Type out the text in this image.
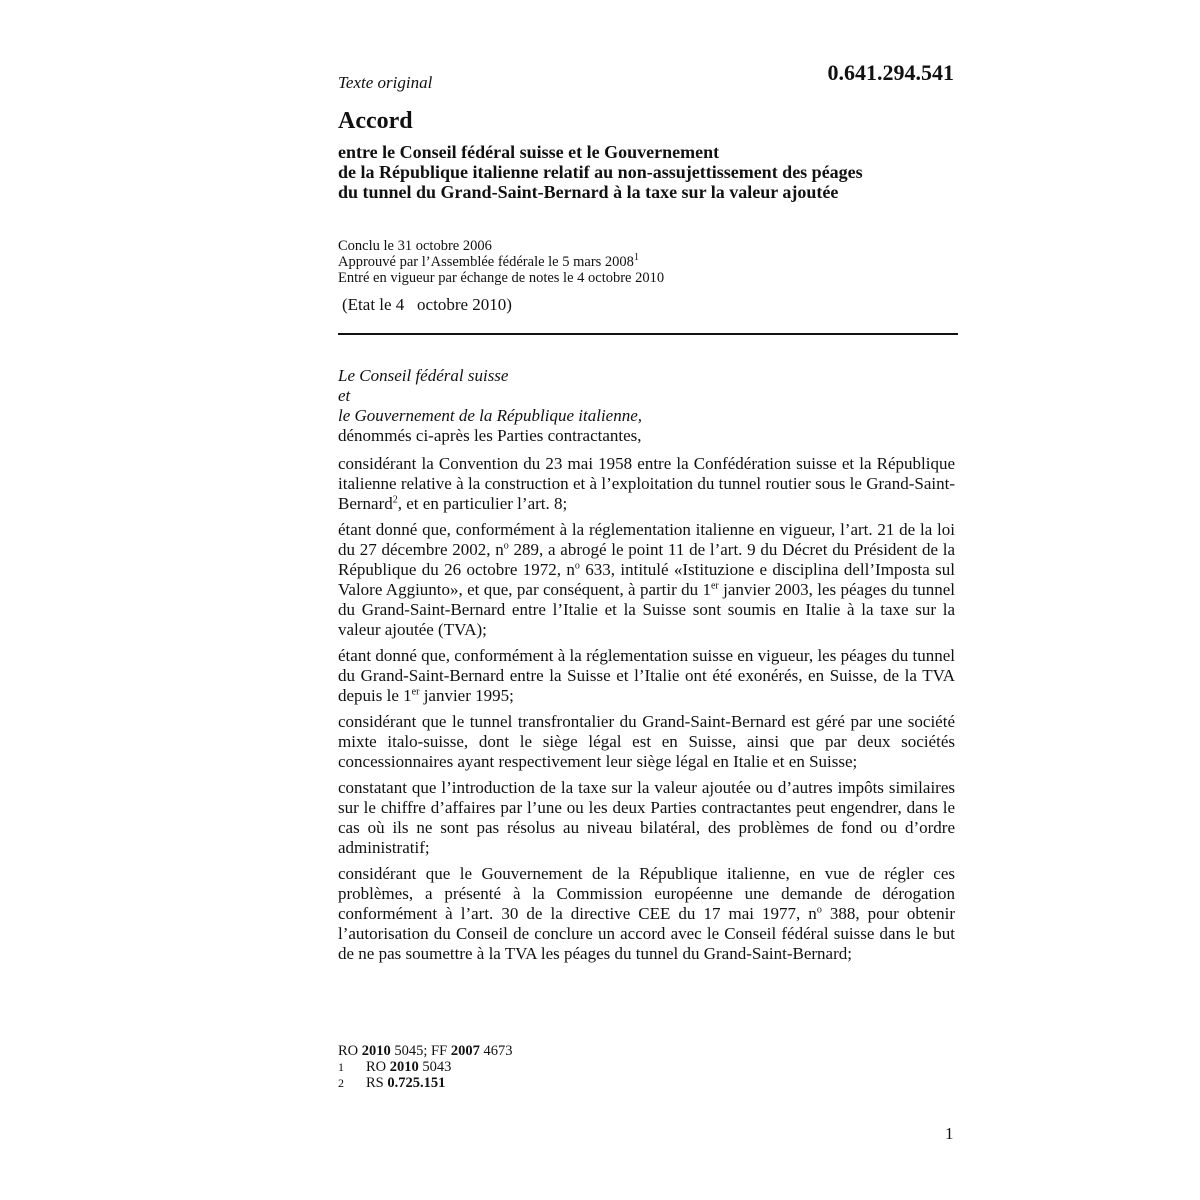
Texte original	0.641.294.541
Accord
entre le Conseil fédéral suisse et le Gouvernement
de la République italienne relatif au non-assujettissement des péages
du tunnel du Grand-Saint-Bernard à la taxe sur la valeur ajoutée
Conclu le 31 octobre 2006
Approuvé par l’Assemblée fédérale le 5 mars 2008$^1$
Entré en vigueur par échange de notes le 4 octobre 2010
(Etat le 4   octobre 2010)
Le Conseil fédéral suisse
et
le Gouvernement de la République italienne,
dénommés ci-après les Parties contractantes,

considérant la Convention du 23 mai 1958 entre la Confédération suisse et la République italienne relative à la construction et à l’exploitation du tunnel routier sous le Grand-Saint-Bernard$^2$, et en particulier l’art. 8;

étant donné que, conformément à la réglementation italienne en vigueur, l’art. 21 de la loi du 27 décembre 2002, $n^o$ 289, a abrogé le point 11 de l’art. 9 du Décret du Président de la République du 26 octobre 1972, $n^o$ 633, intitulé «Istituzione e disciplina dell’Imposta sul Valore Aggiunto», et que, par conséquent, à partir du 1er janvier 2003, les péages du tunnel du Grand-Saint-Bernard entre l’Italie et la Suisse sont soumis en Italie à la taxe sur la valeur ajoutée (TVA);

étant donné que, conformément à la réglementation suisse en vigueur, les péages du tunnel du Grand-Saint-Bernard entre la Suisse et l’Italie ont été exonérés, en Suisse, de la TVA depuis le 1er janvier 1995;

considérant que le tunnel transfrontalier du Grand-Saint-Bernard est géré par une société mixte italo-suisse, dont le siège légal est en Suisse, ainsi que par deux sociétés concessionnaires ayant respectivement leur siège légal en Italie et en Suisse;

constatant que l’introduction de la taxe sur la valeur ajoutée ou d’autres impôts similaires sur le chiffre d’affaires par l’une ou les deux Parties contractantes peut engendrer, dans le cas où ils ne sont pas résolus au niveau bilatéral, des problèmes de fond ou d’ordre administratif;

considérant que le Gouvernement de la République italienne, en vue de régler ces problèmes, a présenté à la Commission européenne une demande de dérogation conformément à l’art. 30 de la directive CEE du 17 mai 1977, $n^o$ 388, pour obtenir l’autorisation du Conseil de conclure un accord avec le Conseil fédéral suisse dans le but de ne pas soumettre à la TVA les péages du tunnel du Grand-Saint-Bernard;

RO 2010 5045; FF 2007 4673
1	RO 2010 5043
2	RS 0.725.151
1
